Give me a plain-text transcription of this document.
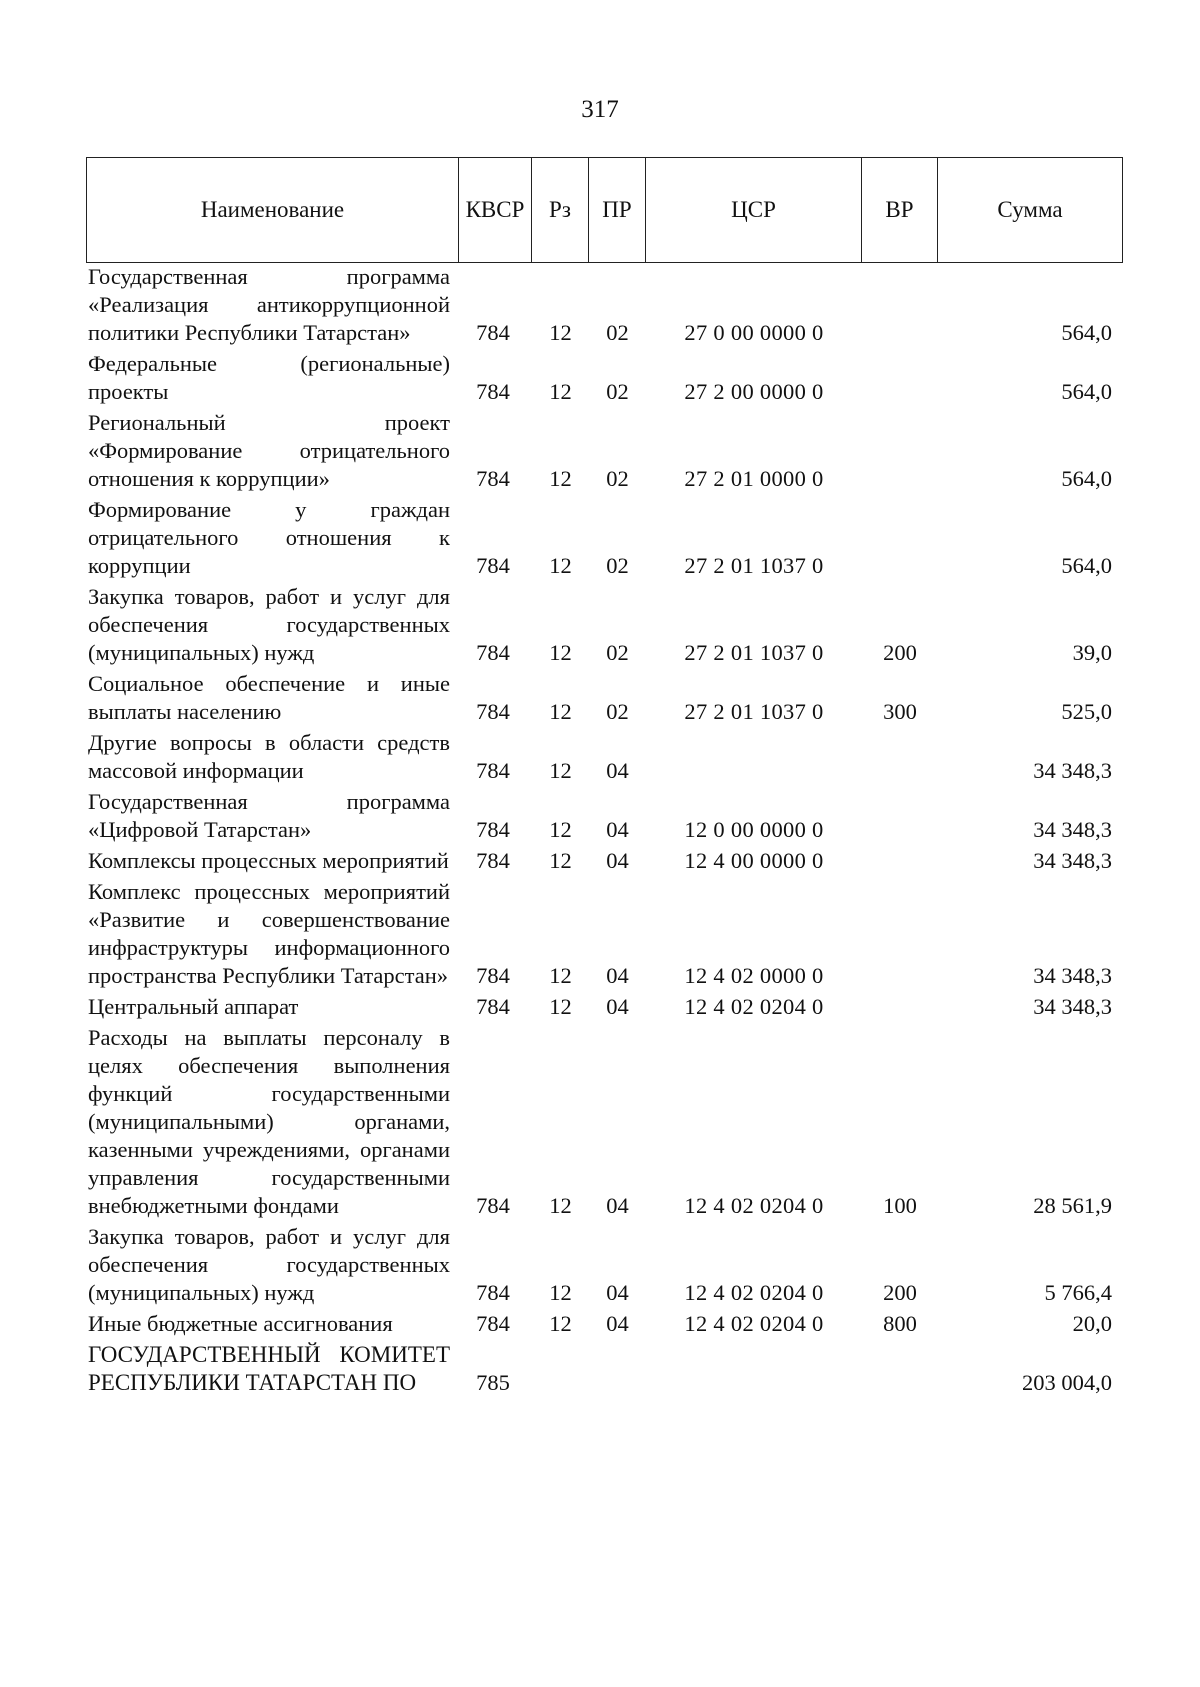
317
Наименование	КВСР	Рз	ПР	ЦСР	ВР	Сумма
Государственная программа «Реализация антикоррупционной политики Республики Татарстан»	784	12	02	27 0 00 0000 0		564,0
Федеральные (региональные) проекты	784	12	02	27 2 00 0000 0		564,0
Региональный проект «Формирование отрицательного отношения к коррупции»	784	12	02	27 2 01 0000 0		564,0
Формирование у граждан отрицательного отношения к коррупции	784	12	02	27 2 01 1037 0		564,0
Закупка товаров, работ и услуг для обеспечения государственных (муниципальных) нужд	784	12	02	27 2 01 1037 0	200	39,0
Социальное обеспечение и иные выплаты населению	784	12	02	27 2 01 1037 0	300	525,0
Другие вопросы в области средств массовой информации	784	12	04			34 348,3
Государственная программа «Цифровой Татарстан»	784	12	04	12 0 00 0000 0		34 348,3
Комплексы процессных мероприятий	784	12	04	12 4 00 0000 0		34 348,3
Комплекс процессных мероприятий «Развитие и совершенствование инфраструктуры информационного пространства Республики Татарстан»	784	12	04	12 4 02 0000 0		34 348,3
Центральный аппарат	784	12	04	12 4 02 0204 0		34 348,3
Расходы на выплаты персоналу в целях обеспечения выполнения функций государственными (муниципальными) органами, казенными учреждениями, органами управления государственными внебюджетными фондами	784	12	04	12 4 02 0204 0	100	28 561,9
Закупка товаров, работ и услуг для обеспечения государственных (муниципальных) нужд	784	12	04	12 4 02 0204 0	200	5 766,4
Иные бюджетные ассигнования	784	12	04	12 4 02 0204 0	800	20,0
ГОСУДАРСТВЕННЫЙ КОМИТЕТ РЕСПУБЛИКИ ТАТАРСТАН ПО	785					203 004,0
